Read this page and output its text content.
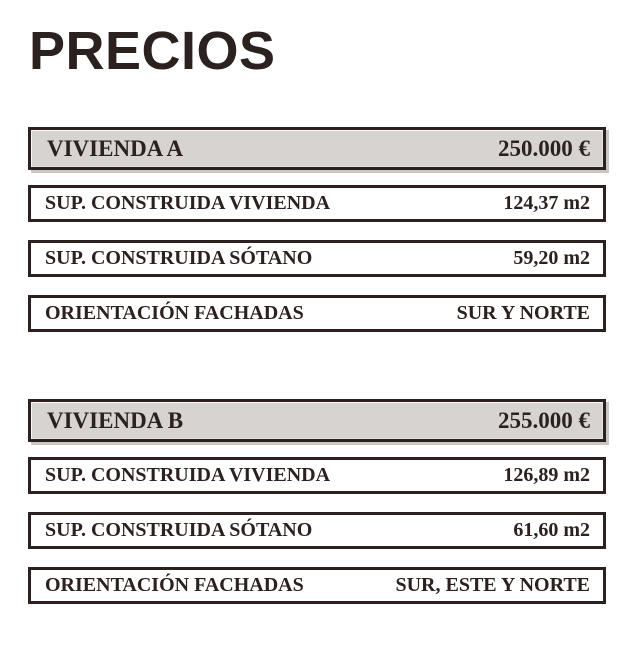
PRECIOS
VIVIENDA A	250.000 €
SUP. CONSTRUIDA VIVIENDA	124,37 m2
SUP. CONSTRUIDA SÓTANO	59,20 m2
ORIENTACIÓN FACHADAS	SUR Y NORTE
VIVIENDA B	255.000 €
SUP. CONSTRUIDA VIVIENDA	126,89 m2
SUP. CONSTRUIDA SÓTANO	61,60 m2
ORIENTACIÓN FACHADAS	SUR, ESTE Y NORTE
